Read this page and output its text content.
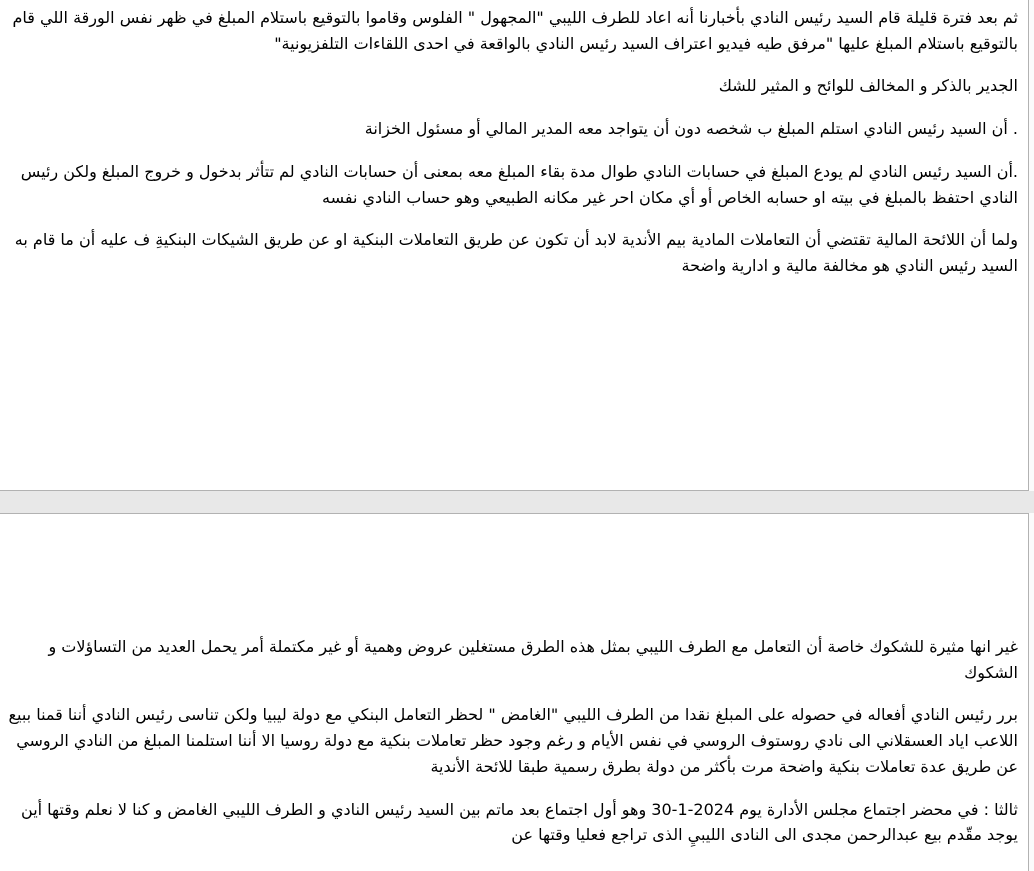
ثم بعد فترة قليلة قام السيد رئيس النادي بأخبارنا أنه اعاد للطرف الليبي "المجهول " الفلوس وقاموا بالتوقيع باستلام المبلغ في ظهر نفس الورقة اللي قام بالتوقيع باستلام المبلغ عليها "مرفق طيه فيديو اعتراف السيد رئيس النادي بالواقعة في احدى اللقاءات التلفزيونية"

الجدير بالذكر و المخالف للوائح و المثير للشك

. أن السيد رئيس النادي استلم المبلغ ب شخصه دون أن يتواجد معه المدير المالي أو مسئول الخزانة

.أن السيد رئيس النادي لم يودع المبلغ في حسابات النادي طوال مدة بقاء المبلغ معه بمعنى أن حسابات النادي لم تتأثر بدخول و خروج المبلغ ولكن رئيس النادي احتفظ بالمبلغ في بيته او حسابه الخاص أو أي مكان احر غير مكانه الطبيعي وهو حساب النادي نفسه

ولما أن اللائحة المالية تقتضي أن التعاملات المادية بيم الأندية لابد أن تكون عن طريق التعاملات البنكية او عن طريق الشيكات البنكيةِ ف عليه أن ما قام به السيد رئيس النادي هو مخالفة مالية و ادارية واضحة

غير انها مثيرة للشكوك خاصة أن التعامل مع الطرف الليبي بمثل هذه الطرق مستغلين عروض وهمية أو غير مكتملة أمر يحمل العديد من التساؤلات و الشكوك

برر رئيس النادي أفعاله في حصوله على المبلغ نقدا من الطرف الليبي "الغامض " لحظر التعامل البنكي مع دولة ليبيا ولكن تناسى رئيس النادي أننا قمنا ببيع اللاعب اياد العسقلاني الى نادي روستوف الروسي في نفس الأيام و رغم وجود حظر تعاملات بنكية مع دولة روسيا الا أننا استلمنا المبلغ من النادي الروسي عن طريق عدة تعاملات بنكية واضحة مرت بأكثر من دولة بطرق رسمية طبقا للائحة الأندية

ثالثا : في محضر اجتماع مجلس الأدارة يوم 2024-1-30 وهو أول اجتماع بعد ماتم بين السيد رئيس النادي و الطرف الليبي الغامض و كنا لا نعلم وقتها أين يوجد مقّدم بيع عبدالرحمن مجدى الى النادى الليبيِ الذى تراجع فعليا وقتها عن
